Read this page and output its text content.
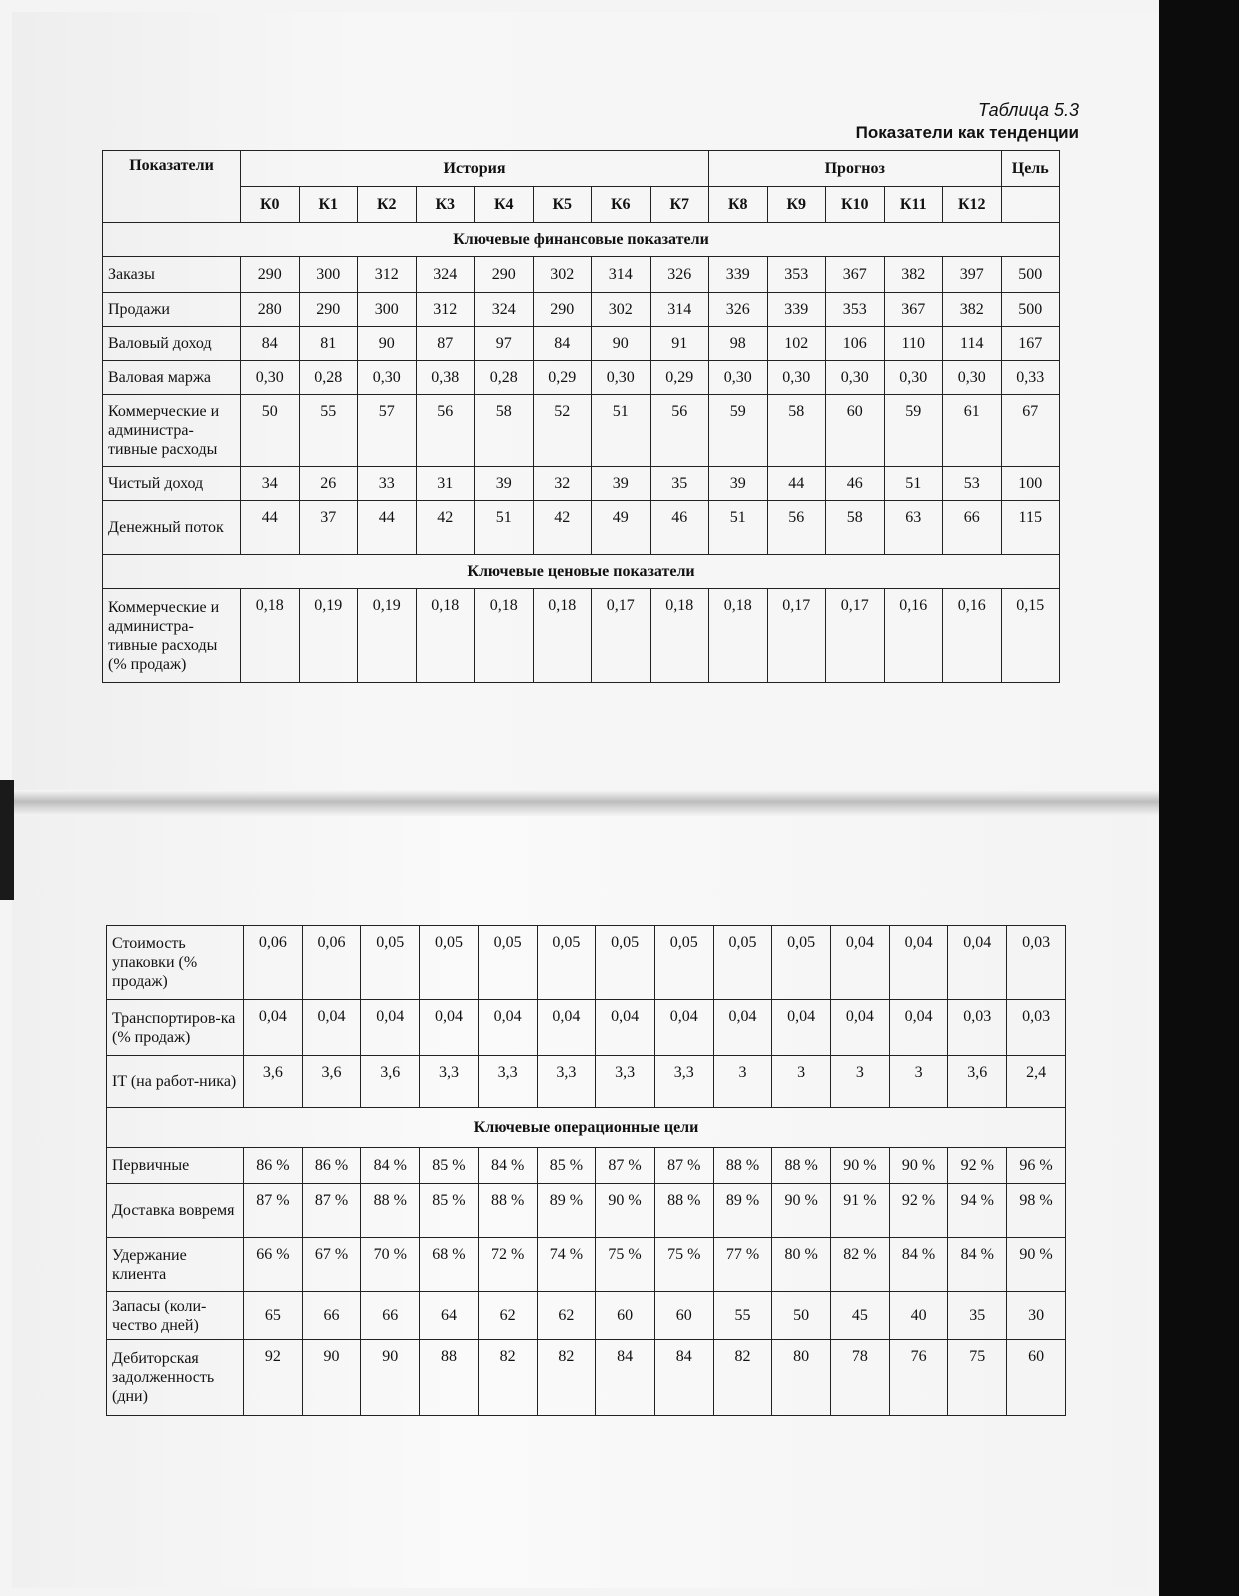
Таблица 5.3
Показатели как тенденции
Показатели	История								Прогноз					Цель
	К0	К1	К2	К3	К4	К5	К6	К7	К8	К9	К10	К11	К12	
Ключевые финансовые показатели														
Заказы	290	300	312	324	290	302	314	326	339	353	367	382	397	500
Продажи	280	290	300	312	324	290	302	314	326	339	353	367	382	500
Валовый доход	84	81	90	87	97	84	90	91	98	102	106	110	114	167
Валовая маржа	0,30	0,28	0,30	0,38	0,28	0,29	0,30	0,29	0,30	0,30	0,30	0,30	0,30	0,33
Коммерческие и администра-тивные расходы	50	55	57	56	58	52	51	56	59	58	60	59	61	67
Чистый доход	34	26	33	31	39	32	39	35	39	44	46	51	53	100
Денежный поток	44	37	44	42	51	42	49	46	51	56	58	63	66	115
Ключевые ценовые показатели														
Коммерческие и администра-тивные расходы (% продаж)	0,18	0,19	0,19	0,18	0,18	0,18	0,17	0,18	0,18	0,17	0,17	0,16	0,16	0,15
Стоимость упаковки (% продаж)	0,06	0,06	0,05	0,05	0,05	0,05	0,05	0,05	0,05	0,05	0,04	0,04	0,04	0,03
Транспортиров-ка (% продаж)	0,04	0,04	0,04	0,04	0,04	0,04	0,04	0,04	0,04	0,04	0,04	0,04	0,03	0,03
IT (на работ-ника)	3,6	3,6	3,6	3,3	3,3	3,3	3,3	3,3	3	3	3	3	3,6	2,4
Ключевые операционные цели														
Первичные	86 %	86 %	84 %	85 %	84 %	85 %	87 %	87 %	88 %	88 %	90 %	90 %	92 %	96 %
Доставка вовремя	87 %	87 %	88 %	85 %	88 %	89 %	90 %	88 %	89 %	90 %	91 %	92 %	94 %	98 %
Удержание клиента	66 %	67 %	70 %	68 %	72 %	74 %	75 %	75 %	77 %	80 %	82 %	84 %	84 %	90 %
Запасы (коли-чество дней)	65	66	66	64	62	62	60	60	55	50	45	40	35	30
Дебиторская задолженность (дни)	92	90	90	88	82	82	84	84	82	80	78	76	75	60
